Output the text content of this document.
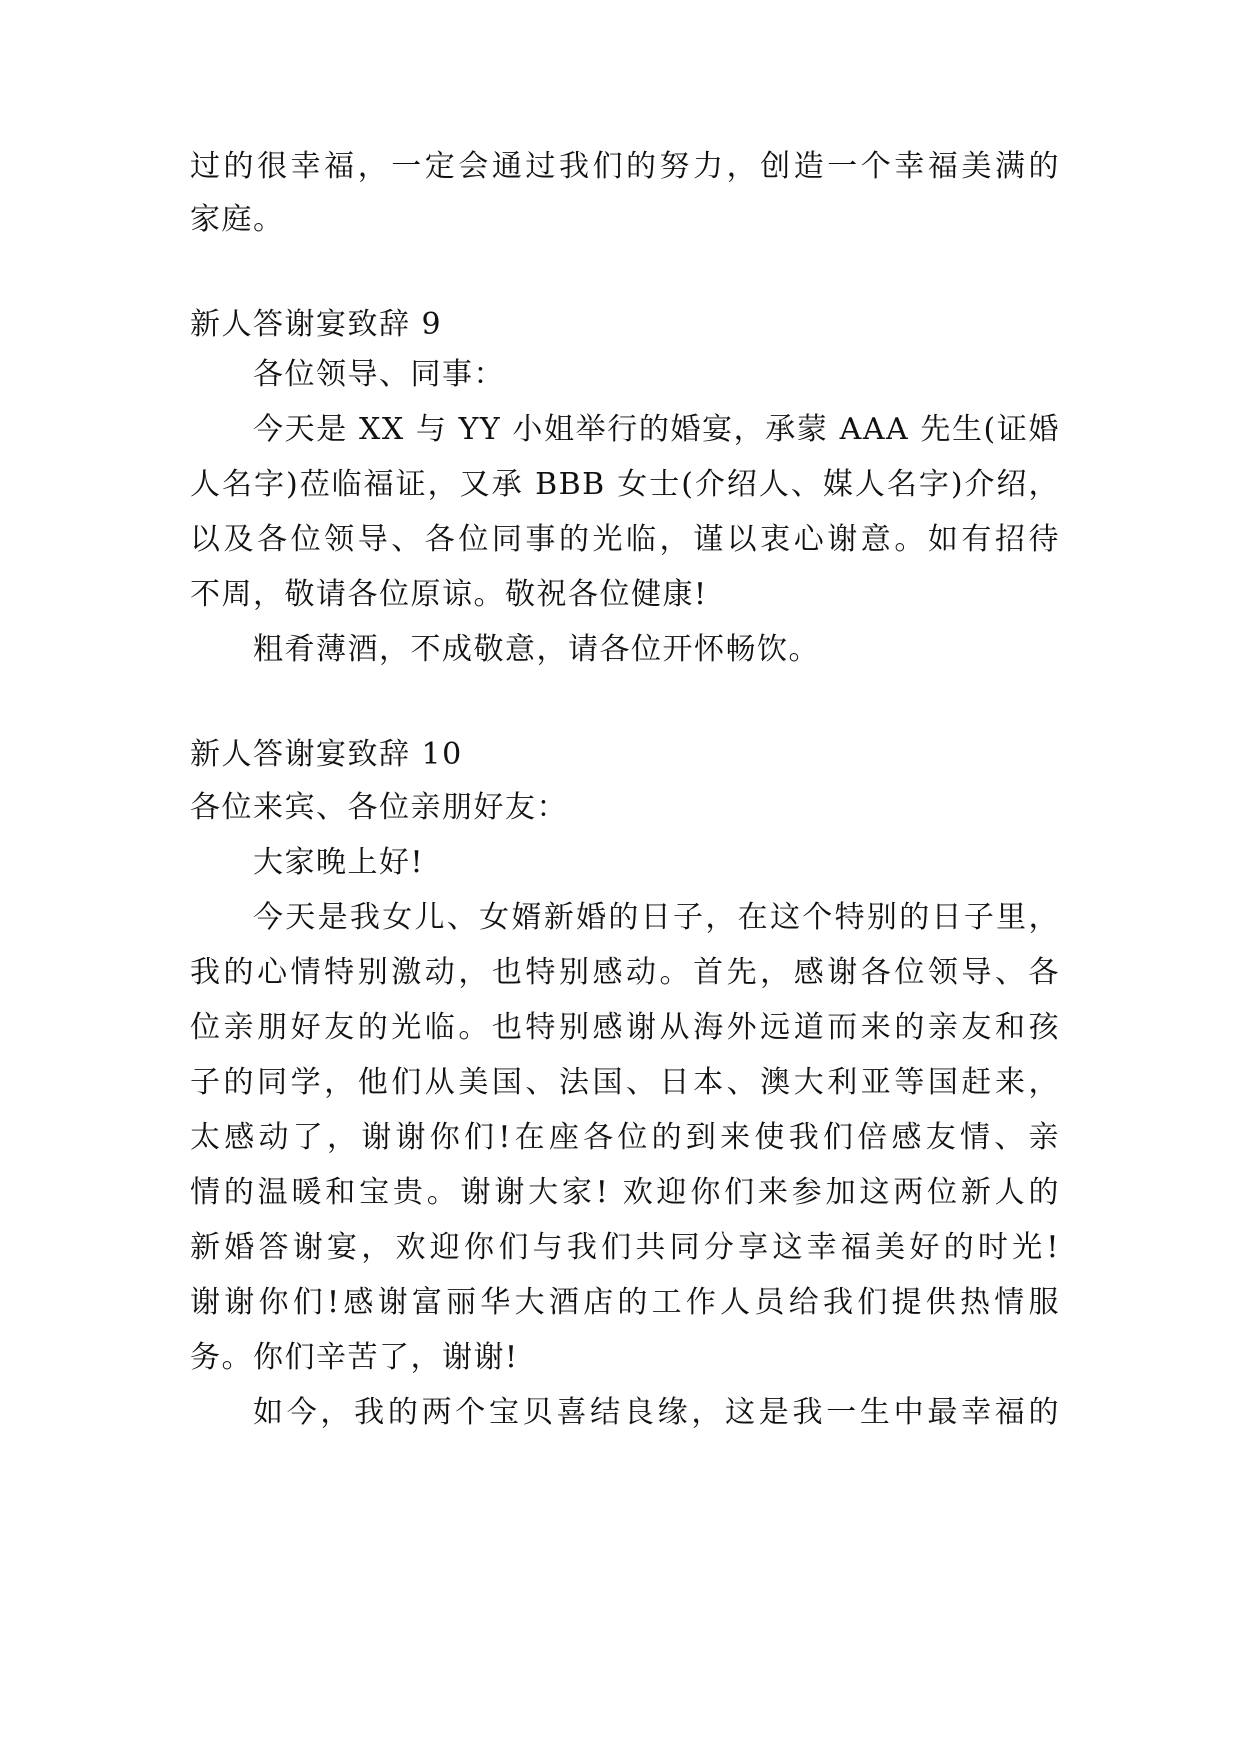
过的很幸福，一定会通过我们的努力，创造一个幸福美满的
家庭。
新人答谢宴致辞 9
各位领导、同事：
今天是 XX 与 YY 小姐举行的婚宴，承蒙 AAA 先生(证婚
人名字)莅临福证，又承 BBB 女士(介绍人、媒人名字)介绍，
以及各位领导、各位同事的光临，谨以衷心谢意。如有招待
不周，敬请各位原谅。敬祝各位健康!
粗肴薄酒，不成敬意，请各位开怀畅饮。
新人答谢宴致辞 10
各位来宾、各位亲朋好友：
大家晚上好!
今天是我女儿、女婿新婚的日子，在这个特别的日子里，
我的心情特别激动，也特别感动。首先，感谢各位领导、各
位亲朋好友的光临。也特别感谢从海外远道而来的亲友和孩
子的同学，他们从美国、法国、日本、澳大利亚等国赶来，
太感动了，谢谢你们!在座各位的到来使我们倍感友情、亲
情的温暖和宝贵。谢谢大家! 欢迎你们来参加这两位新人的
新婚答谢宴，欢迎你们与我们共同分享这幸福美好的时光!
谢谢你们!感谢富丽华大酒店的工作人员给我们提供热情服
务。你们辛苦了，谢谢!
如今，我的两个宝贝喜结良缘，这是我一生中最幸福的
